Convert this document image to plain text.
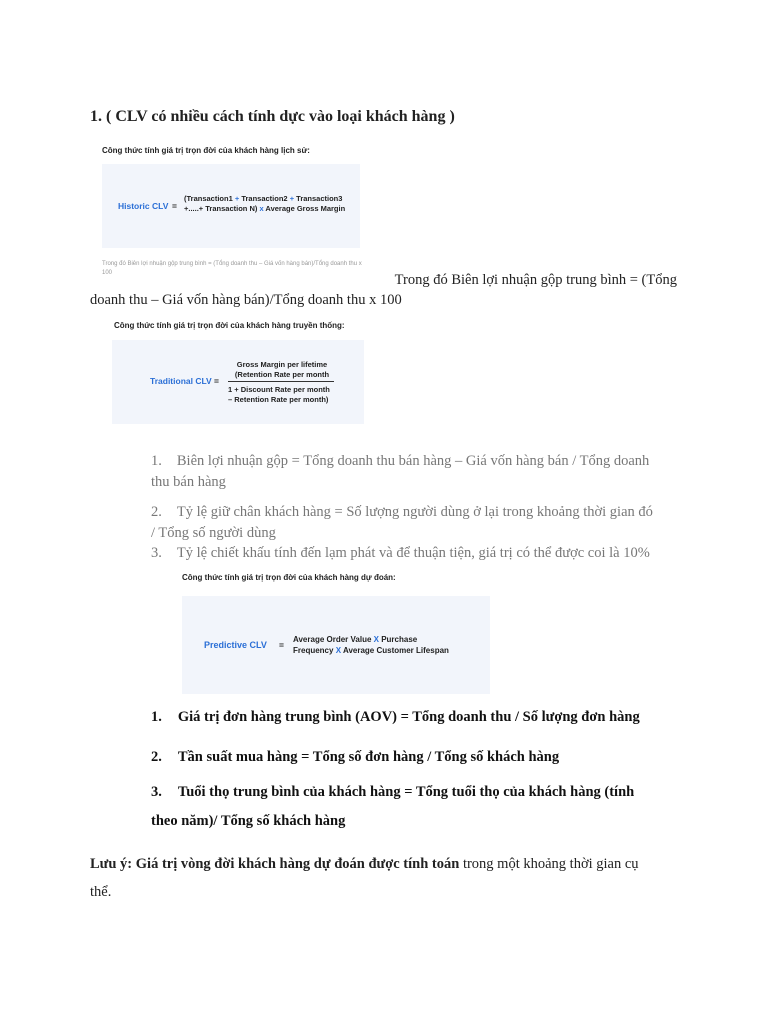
1. ( CLV có nhiều cách tính dực vào loại khách hàng )
Công thức tính giá trị trọn đời của khách hàng lịch sử:
Historic CLV =
(Transaction1 + Transaction2 + Transaction3
+.....+ Transaction N) x Average Gross Margin
Trong đó Biên lợi nhuận gộp trung bình = (Tổng doanh thu – Giá vốn hàng bán)/Tổng doanh thu x 100	Trong đó Biên lợi nhuận gộp trung bình = (Tổng
doanh thu – Giá vốn hàng bán)/Tổng doanh thu x 100
Công thức tính giá trị trọn đời của khách hàng truyền thống:
Traditional CLV =
Gross Margin per lifetime
(Retention Rate per month
1 + Discount Rate per month
– Retention Rate per month)
1. Biên lợi nhuận gộp = Tổng doanh thu bán hàng – Giá vốn hàng bán / Tổng doanh
thu bán hàng
2. Tỷ lệ giữ chân khách hàng = Số lượng người dùng ở lại trong khoảng thời gian đó
/ Tổng số người dùng
3. Tỷ lệ chiết khấu tính đến lạm phát và để thuận tiện, giá trị có thể được coi là 10%
Công thức tính giá trị trọn đời của khách hàng dự đoán:
Predictive CLV =
Average Order Value X Purchase
Frequency X Average Customer Lifespan
1. Giá trị đơn hàng trung bình (AOV) = Tổng doanh thu / Số lượng đơn hàng
2. Tần suất mua hàng = Tổng số đơn hàng / Tổng số khách hàng
3. Tuổi thọ trung bình của khách hàng = Tổng tuổi thọ của khách hàng (tính
theo năm)/ Tổng số khách hàng
Lưu ý: Giá trị vòng đời khách hàng dự đoán được tính toán trong một khoảng thời gian cụ
thể.
